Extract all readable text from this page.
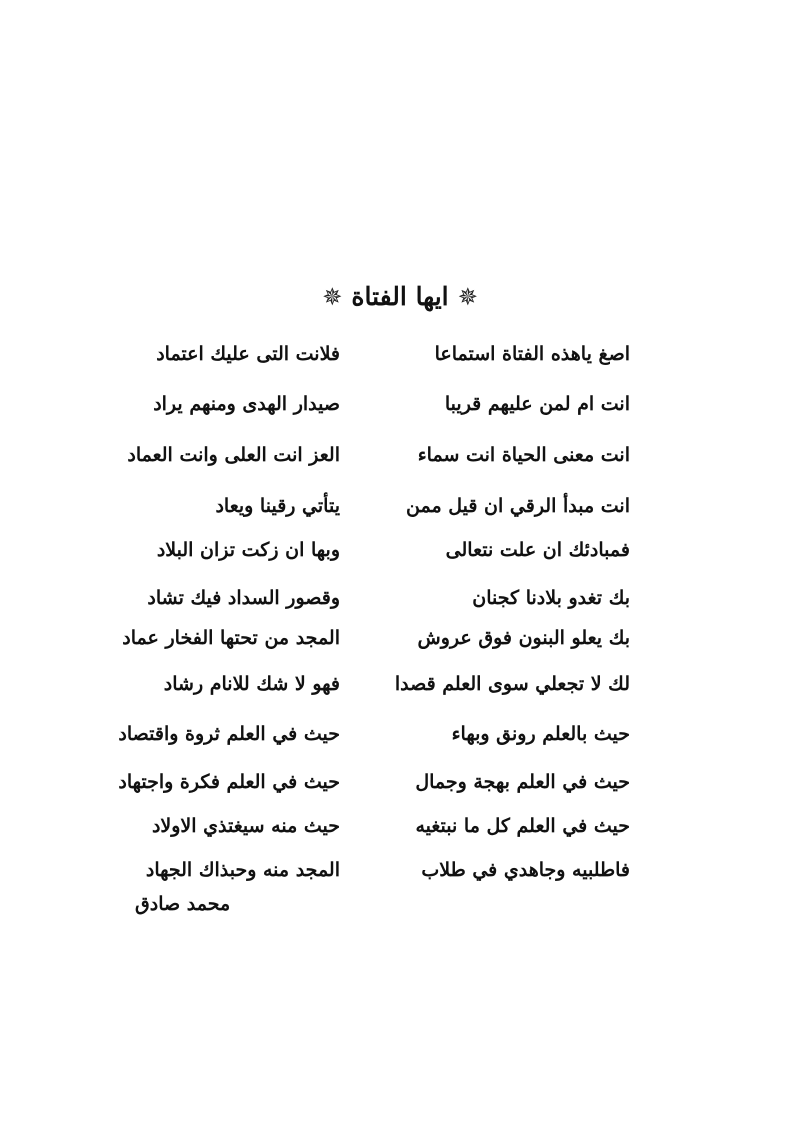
✵ ايها الفتاة ✵
اصغ ياهذه الفتاة استماعا
فلانت التى عليك اعتماد
انت ام لمن عليهم قريبا
صيدار الهدى ومنهم يراد
انت معنى الحياة انت سماء
العز انت العلى وانت العماد
انت مبدأ الرقي ان قيل ممن
يتأتي رقينا ويعاد
فمبادئك ان علت نتعالى
وبها ان زكت تزان البلاد
بك تغدو بلادنا كجنان
وقصور السداد فيك تشاد
بك يعلو البنون فوق عروش
المجد من تحتها الفخار عماد
لك لا تجعلي سوى العلم قصدا
فهو لا شك للانام رشاد
حيث بالعلم رونق وبهاء
حيث في العلم ثروة واقتصاد
حيث في العلم بهجة وجمال
حيث في العلم فكرة واجتهاد
حيث في العلم كل ما نبتغيه
حيث منه سيغتذي الاولاد
فاطلبيه وجاهدي في طلاب
المجد منه وحبذاك الجهاد
محمد صادق
